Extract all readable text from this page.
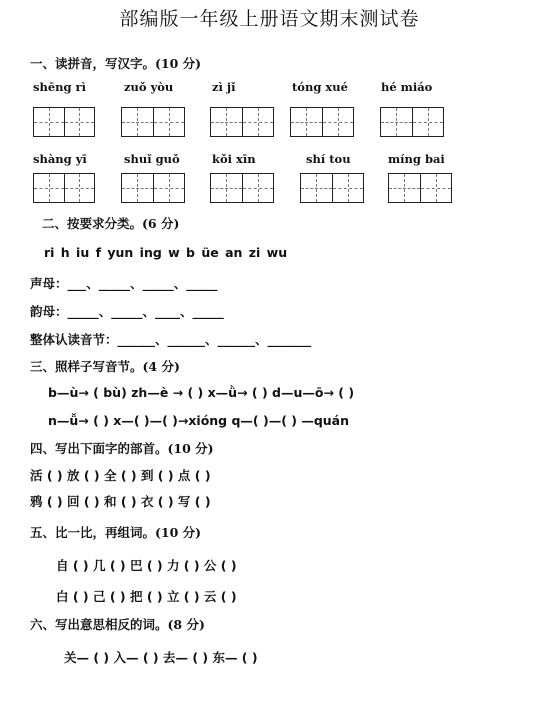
部编版一年级上册语文期末测试卷
一、读拼音，写汉字。(10 分)
shēng rì	zuǒ yòu	zì jǐ	tóng xué	hé miáo
shàng yī	shuǐ guǒ	kǒi xīn	shí tou	míng bai
二、按要求分类。(6 分)
ri h iu f yun ing w b üe an zi wu
声母：___、_____、_____、_____
韵母：_____、_____、____、_____
整体认读音节：______、______、______、_______
三、照样子写音节。(4 分)
b—ù→ ( bù) zh—è → ( ) x—ǜ→ ( ) d—u—ō→ ( )
n—ǚ→ ( ) x—( )—( )→xióng q—( )—( ) —quán
四、写出下面字的部首。(10 分)
活 ( ) 放 ( ) 全 ( ) 到 ( ) 点 ( )
鸦 ( ) 回 ( ) 和 ( ) 衣 ( ) 写 ( )
五、比一比，再组词。(10 分)
自 ( ) 几 ( ) 巴 ( ) 力 ( ) 公 ( )
白 ( ) 己 ( ) 把 ( ) 立 ( ) 云 ( )
六、写出意思相反的词。(8 分)
关— ( ) 入— ( ) 去— ( ) 东— ( )
